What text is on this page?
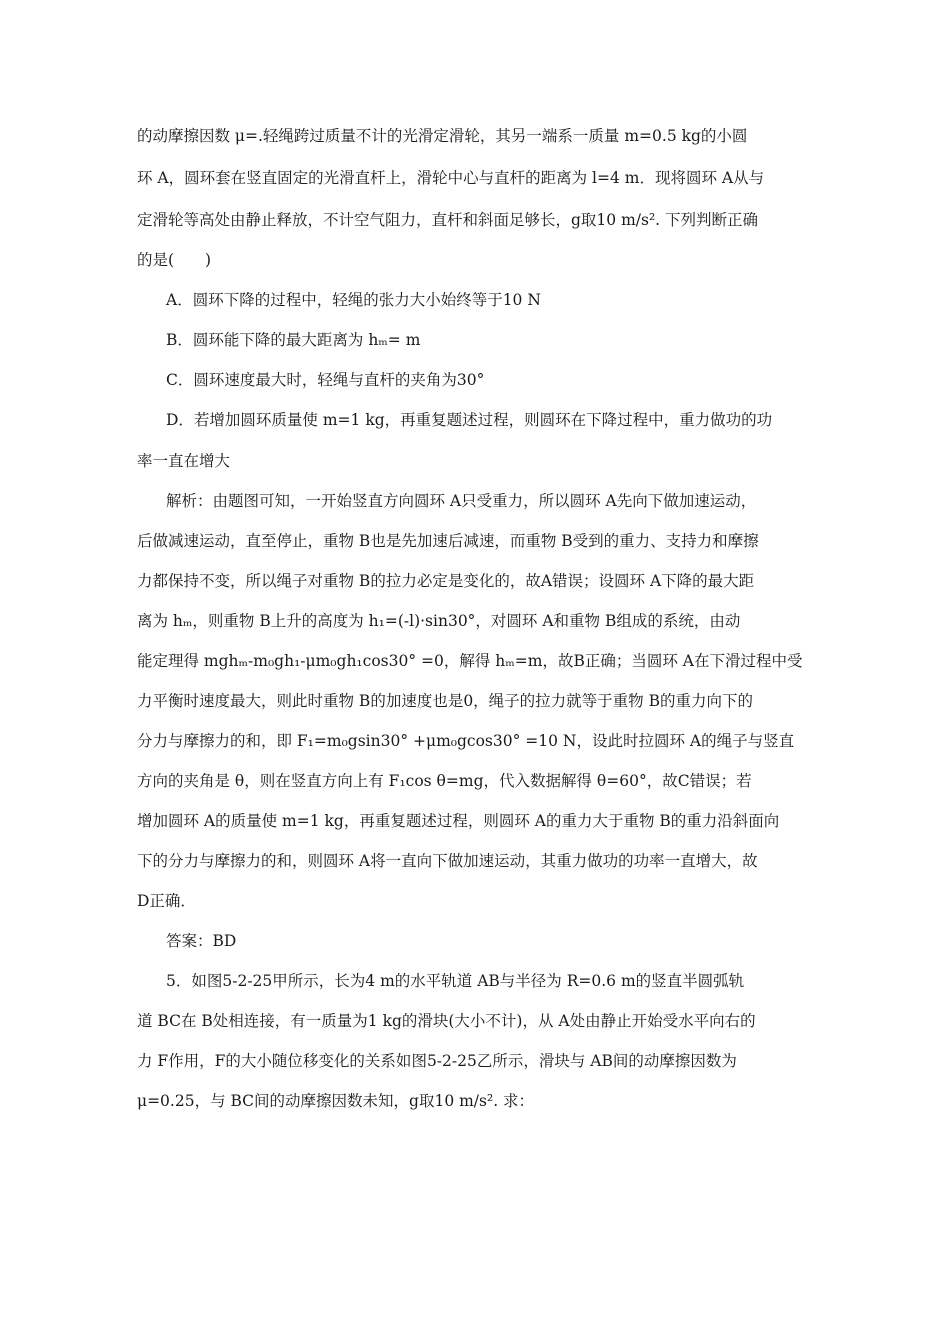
的动摩擦因数 μ=.轻绳跨过质量不计的光滑定滑轮，其另一端系一质量 m=0.5 kg的小圆
环 A，圆环套在竖直固定的光滑直杆上，滑轮中心与直杆的距离为 l=4 m．现将圆环 A从与
定滑轮等高处由静止释放，不计空气阻力，直杆和斜面足够长，g取10 m/s². 下列判断正确
的是(　　)
A．圆环下降的过程中，轻绳的张力大小始终等于10 N
B．圆环能下降的最大距离为 hₘ= m
C．圆环速度最大时，轻绳与直杆的夹角为30°
D．若增加圆环质量使 m=1 kg，再重复题述过程，则圆环在下降过程中，重力做功的功
率一直在增大
解析：由题图可知，一开始竖直方向圆环 A只受重力，所以圆环 A先向下做加速运动，
后做减速运动，直至停止，重物 B也是先加速后减速，而重物 B受到的重力、支持力和摩擦
力都保持不变，所以绳子对重物 B的拉力必定是变化的，故A错误；设圆环 A下降的最大距
离为 hₘ，则重物 B上升的高度为 h₁=(-l)·sin30°，对圆环 A和重物 B组成的系统，由动
能定理得 mghₘ-m₀gh₁-μm₀gh₁cos30° =0，解得 hₘ=m，故B正确；当圆环 A在下滑过程中受
力平衡时速度最大，则此时重物 B的加速度也是0，绳子的拉力就等于重物 B的重力向下的
分力与摩擦力的和，即 F₁=m₀gsin30° +μm₀gcos30° =10 N，设此时拉圆环 A的绳子与竖直
方向的夹角是 θ，则在竖直方向上有 F₁cos θ=mg，代入数据解得 θ=60°，故C错误；若
增加圆环 A的质量使 m=1 kg，再重复题述过程，则圆环 A的重力大于重物 B的重力沿斜面向
下的分力与摩擦力的和，则圆环 A将一直向下做加速运动，其重力做功的功率一直增大，故
D正确．
答案：BD
5．如图5-2-25甲所示，长为4 m的水平轨道 AB与半径为 R=0.6 m的竖直半圆弧轨
道 BC在 B处相连接，有一质量为1 kg的滑块(大小不计)，从 A处由静止开始受水平向右的
力 F作用，F的大小随位移变化的关系如图5-2-25乙所示，滑块与 AB间的动摩擦因数为
μ=0.25，与 BC间的动摩擦因数未知，g取10 m/s². 求：
